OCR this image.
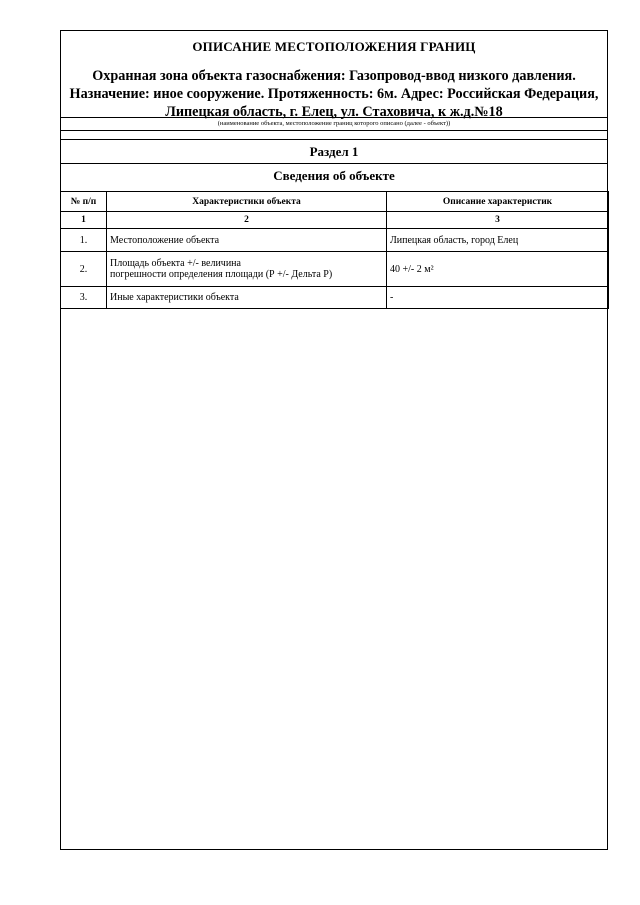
ОПИСАНИЕ МЕСТОПОЛОЖЕНИЯ ГРАНИЦ
Охранная зона объекта газоснабжения: Газопровод-ввод низкого давления.
Назначение: иное сооружение. Протяженность: 6м. Адрес: Российская Федерация,
Липецкая область, г. Елец, ул. Стаховича, к ж.д.№18
(наименование объекта, местоположение границ которого описано (далее - объект))
Раздел 1
Сведения об объекте
№ п/п	Характеристики объекта	Описание характеристик
1	2	3
1.	Местоположение объекта	Липецкая область, город Елец
2.	Площадь объекта +/- величина
погрешности определения площади (Р +/- Дельта Р)	40 +/- 2 м²
3.	Иные характеристики объекта	-
